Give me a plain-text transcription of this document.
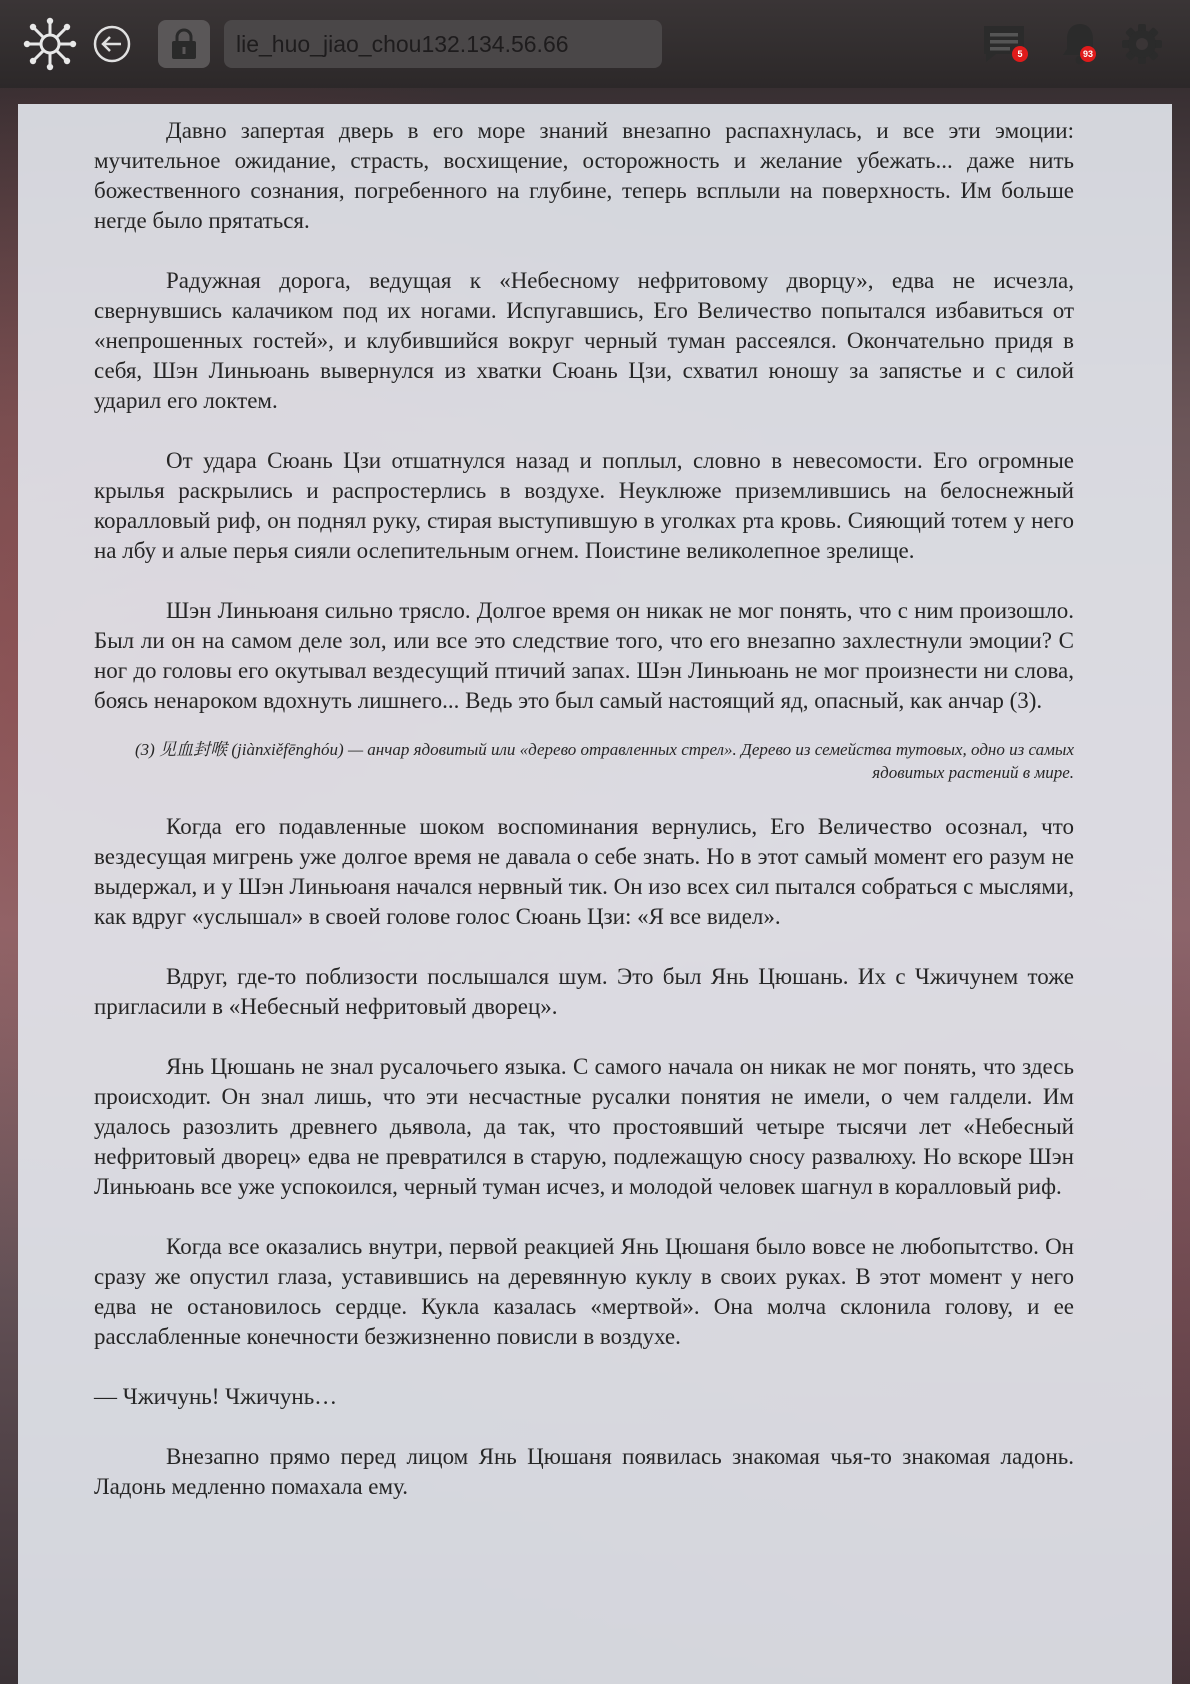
lie_huo_jiao_chou132.134.56.66	5	93

Давно запертая дверь в его море знаний внезапно распахнулась, и все эти эмоции: мучительное ожидание, страсть, восхищение, осторожность и желание убежать... даже нить божественного сознания, погребенного на глубине, теперь всплыли на поверхность. Им больше негде было прятаться.

Радужная дорога, ведущая к «Небесному нефритовому дворцу», едва не исчезла, свернувшись калачиком под их ногами. Испугавшись, Его Величество попытался избавиться от «непрошенных гостей», и клубившийся вокруг черный туман рассеялся. Окончательно придя в себя, Шэн Линьюань вывернулся из хватки Сюань Цзи, схватил юношу за запястье и с силой ударил его локтем.

От удара Сюань Цзи отшатнулся назад и поплыл, словно в невесомости. Его огромные крылья раскрылись и распростерлись в воздухе. Неуклюже приземлившись на белоснежный коралловый риф, он поднял руку, стирая выступившую в уголках рта кровь. Сияющий тотем у него на лбу и алые перья сияли ослепительным огнем. Поистине великолепное зрелище.

Шэн Линьюаня сильно трясло. Долгое время он никак не мог понять, что с ним произошло. Был ли он на самом деле зол, или все это следствие того, что его внезапно захлестнули эмоции? С ног до головы его окутывал вездесущий птичий запах. Шэн Линьюань не мог произнести ни слова, боясь ненароком вдохнуть лишнего... Ведь это был самый настоящий яд, опасный, как анчар (3).

(3) 见血封喉 (jiànxiěfēnghóu) — анчар ядовитый или «дерево отравленных стрел». Дерево из семейства тутовых, одно из самых ядовитых растений в мире.

Когда его подавленные шоком воспоминания вернулись, Его Величество осознал, что вездесущая мигрень уже долгое время не давала о себе знать. Но в этот самый момент его разум не выдержал, и у Шэн Линьюаня начался нервный тик. Он изо всех сил пытался собраться с мыслями, как вдруг «услышал» в своей голове голос Сюань Цзи: «Я все видел».

Вдруг, где-то поблизости послышался шум. Это был Янь Цюшань. Их с Чжичунем тоже пригласили в «Небесный нефритовый дворец».

Янь Цюшань не знал русалочьего языка. С самого начала он никак не мог понять, что здесь происходит. Он знал лишь, что эти несчастные русалки понятия не имели, о чем галдели. Им удалось разозлить древнего дьявола, да так, что простоявший четыре тысячи лет «Небесный нефритовый дворец» едва не превратился в старую, подлежащую сносу развалюху. Но вскоре Шэн Линьюань все уже успокоился, черный туман исчез, и молодой человек шагнул в коралловый риф.

Когда все оказались внутри, первой реакцией Янь Цюшаня было вовсе не любопытство. Он сразу же опустил глаза, уставившись на деревянную куклу в своих руках. В этот момент у него едва не остановилось сердце. Кукла казалась «мертвой». Она молча склонила голову, и ее расслабленные конечности безжизненно повисли в воздухе.

— Чжичунь! Чжичунь…

Внезапно прямо перед лицом Янь Цюшаня появилась знакомая чья-то знакомая ладонь. Ладонь медленно помахала ему.
